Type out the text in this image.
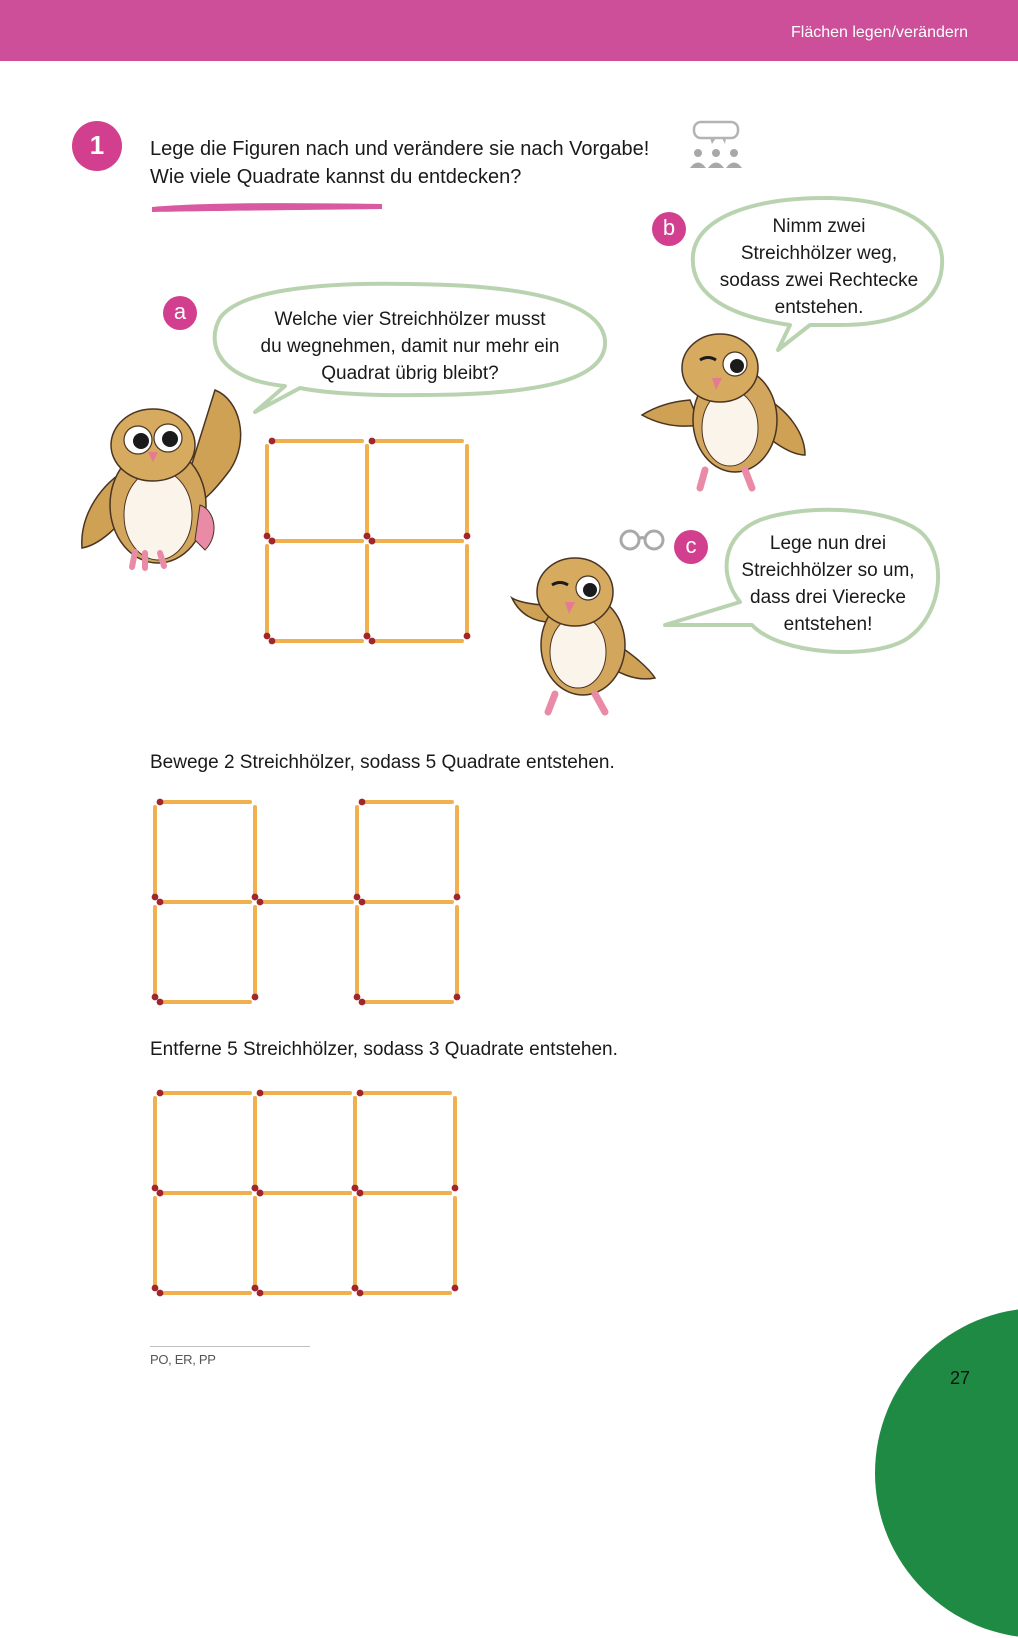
Flächen legen/verändern
1	Lege die Figuren nach und verändere sie nach Vorgabe!
Wie viele Quadrate kannst du entdecken?
a
b
c
Welche vier Streichhölzer musst
du wegnehmen, damit nur mehr ein
Quadrat übrig bleibt?
Nimm zwei
Streichhölzer weg,
sodass zwei Rechtecke
entstehen.
Lege nun drei
Streichhölzer so um,
dass drei Vierecke
entstehen!
Bewege 2 Streichhölzer, sodass 5 Quadrate entstehen.
Entferne 5 Streichhölzer, sodass 3 Quadrate entstehen.
PO, ER, PP
27
